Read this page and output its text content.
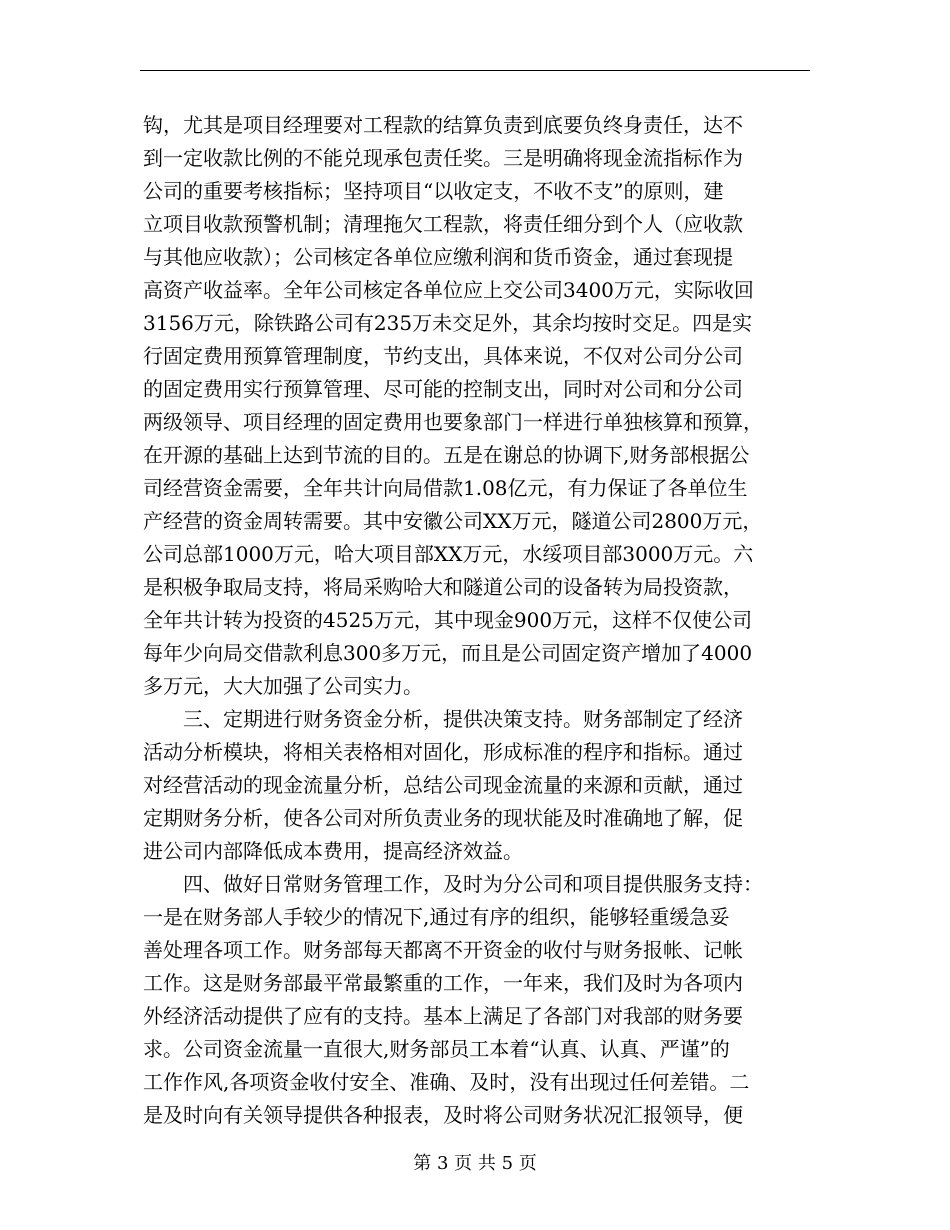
钩，尤其是项目经理要对工程款的结算负责到底要负终身责任，达不
到一定收款比例的不能兑现承包责任奖。三是明确将现金流指标作为
公司的重要考核指标；坚持项目“以收定支，不收不支”的原则，建
立项目收款预警机制；清理拖欠工程款，将责任细分到个人（应收款
与其他应收款）；公司核定各单位应缴利润和货币资金，通过套现提
高资产收益率。全年公司核定各单位应上交公司3400万元，实际收回
3156万元，除铁路公司有235万未交足外，其余均按时交足。四是实
行固定费用预算管理制度，节约支出，具体来说，不仅对公司分公司
的固定费用实行预算管理、尽可能的控制支出，同时对公司和分公司
两级领导、项目经理的固定费用也要象部门一样进行单独核算和预算，
在开源的基础上达到节流的目的。五是在谢总的协调下,财务部根据公
司经营资金需要，全年共计向局借款1.08亿元，有力保证了各单位生
产经营的资金周转需要。其中安徽公司XX万元，隧道公司2800万元，
公司总部1000万元，哈大项目部XX万元，水绥项目部3000万元。六
是积极争取局支持，将局采购哈大和隧道公司的设备转为局投资款，
全年共计转为投资的4525万元，其中现金900万元，这样不仅使公司
每年少向局交借款利息300多万元，而且是公司固定资产增加了4000
多万元，大大加强了公司实力。
　　三、定期进行财务资金分析，提供决策支持。财务部制定了经济
活动分析模块，将相关表格相对固化，形成标准的程序和指标。通过
对经营活动的现金流量分析，总结公司现金流量的来源和贡献，通过
定期财务分析，使各公司对所负责业务的现状能及时准确地了解，促
进公司内部降低成本费用，提高经济效益。
　　四、做好日常财务管理工作，及时为分公司和项目提供服务支持：
一是在财务部人手较少的情况下,通过有序的组织，能够轻重缓急妥
善处理各项工作。财务部每天都离不开资金的收付与财务报帐、记帐
工作。这是财务部最平常最繁重的工作，一年来，我们及时为各项内
外经济活动提供了应有的支持。基本上满足了各部门对我部的财务要
求。公司资金流量一直很大,财务部员工本着“认真、认真、严谨”的
工作作风,各项资金收付安全、准确、及时，没有出现过任何差错。二
是及时向有关领导提供各种报表，及时将公司财务状况汇报领导，便
第 3 页 共 5 页
